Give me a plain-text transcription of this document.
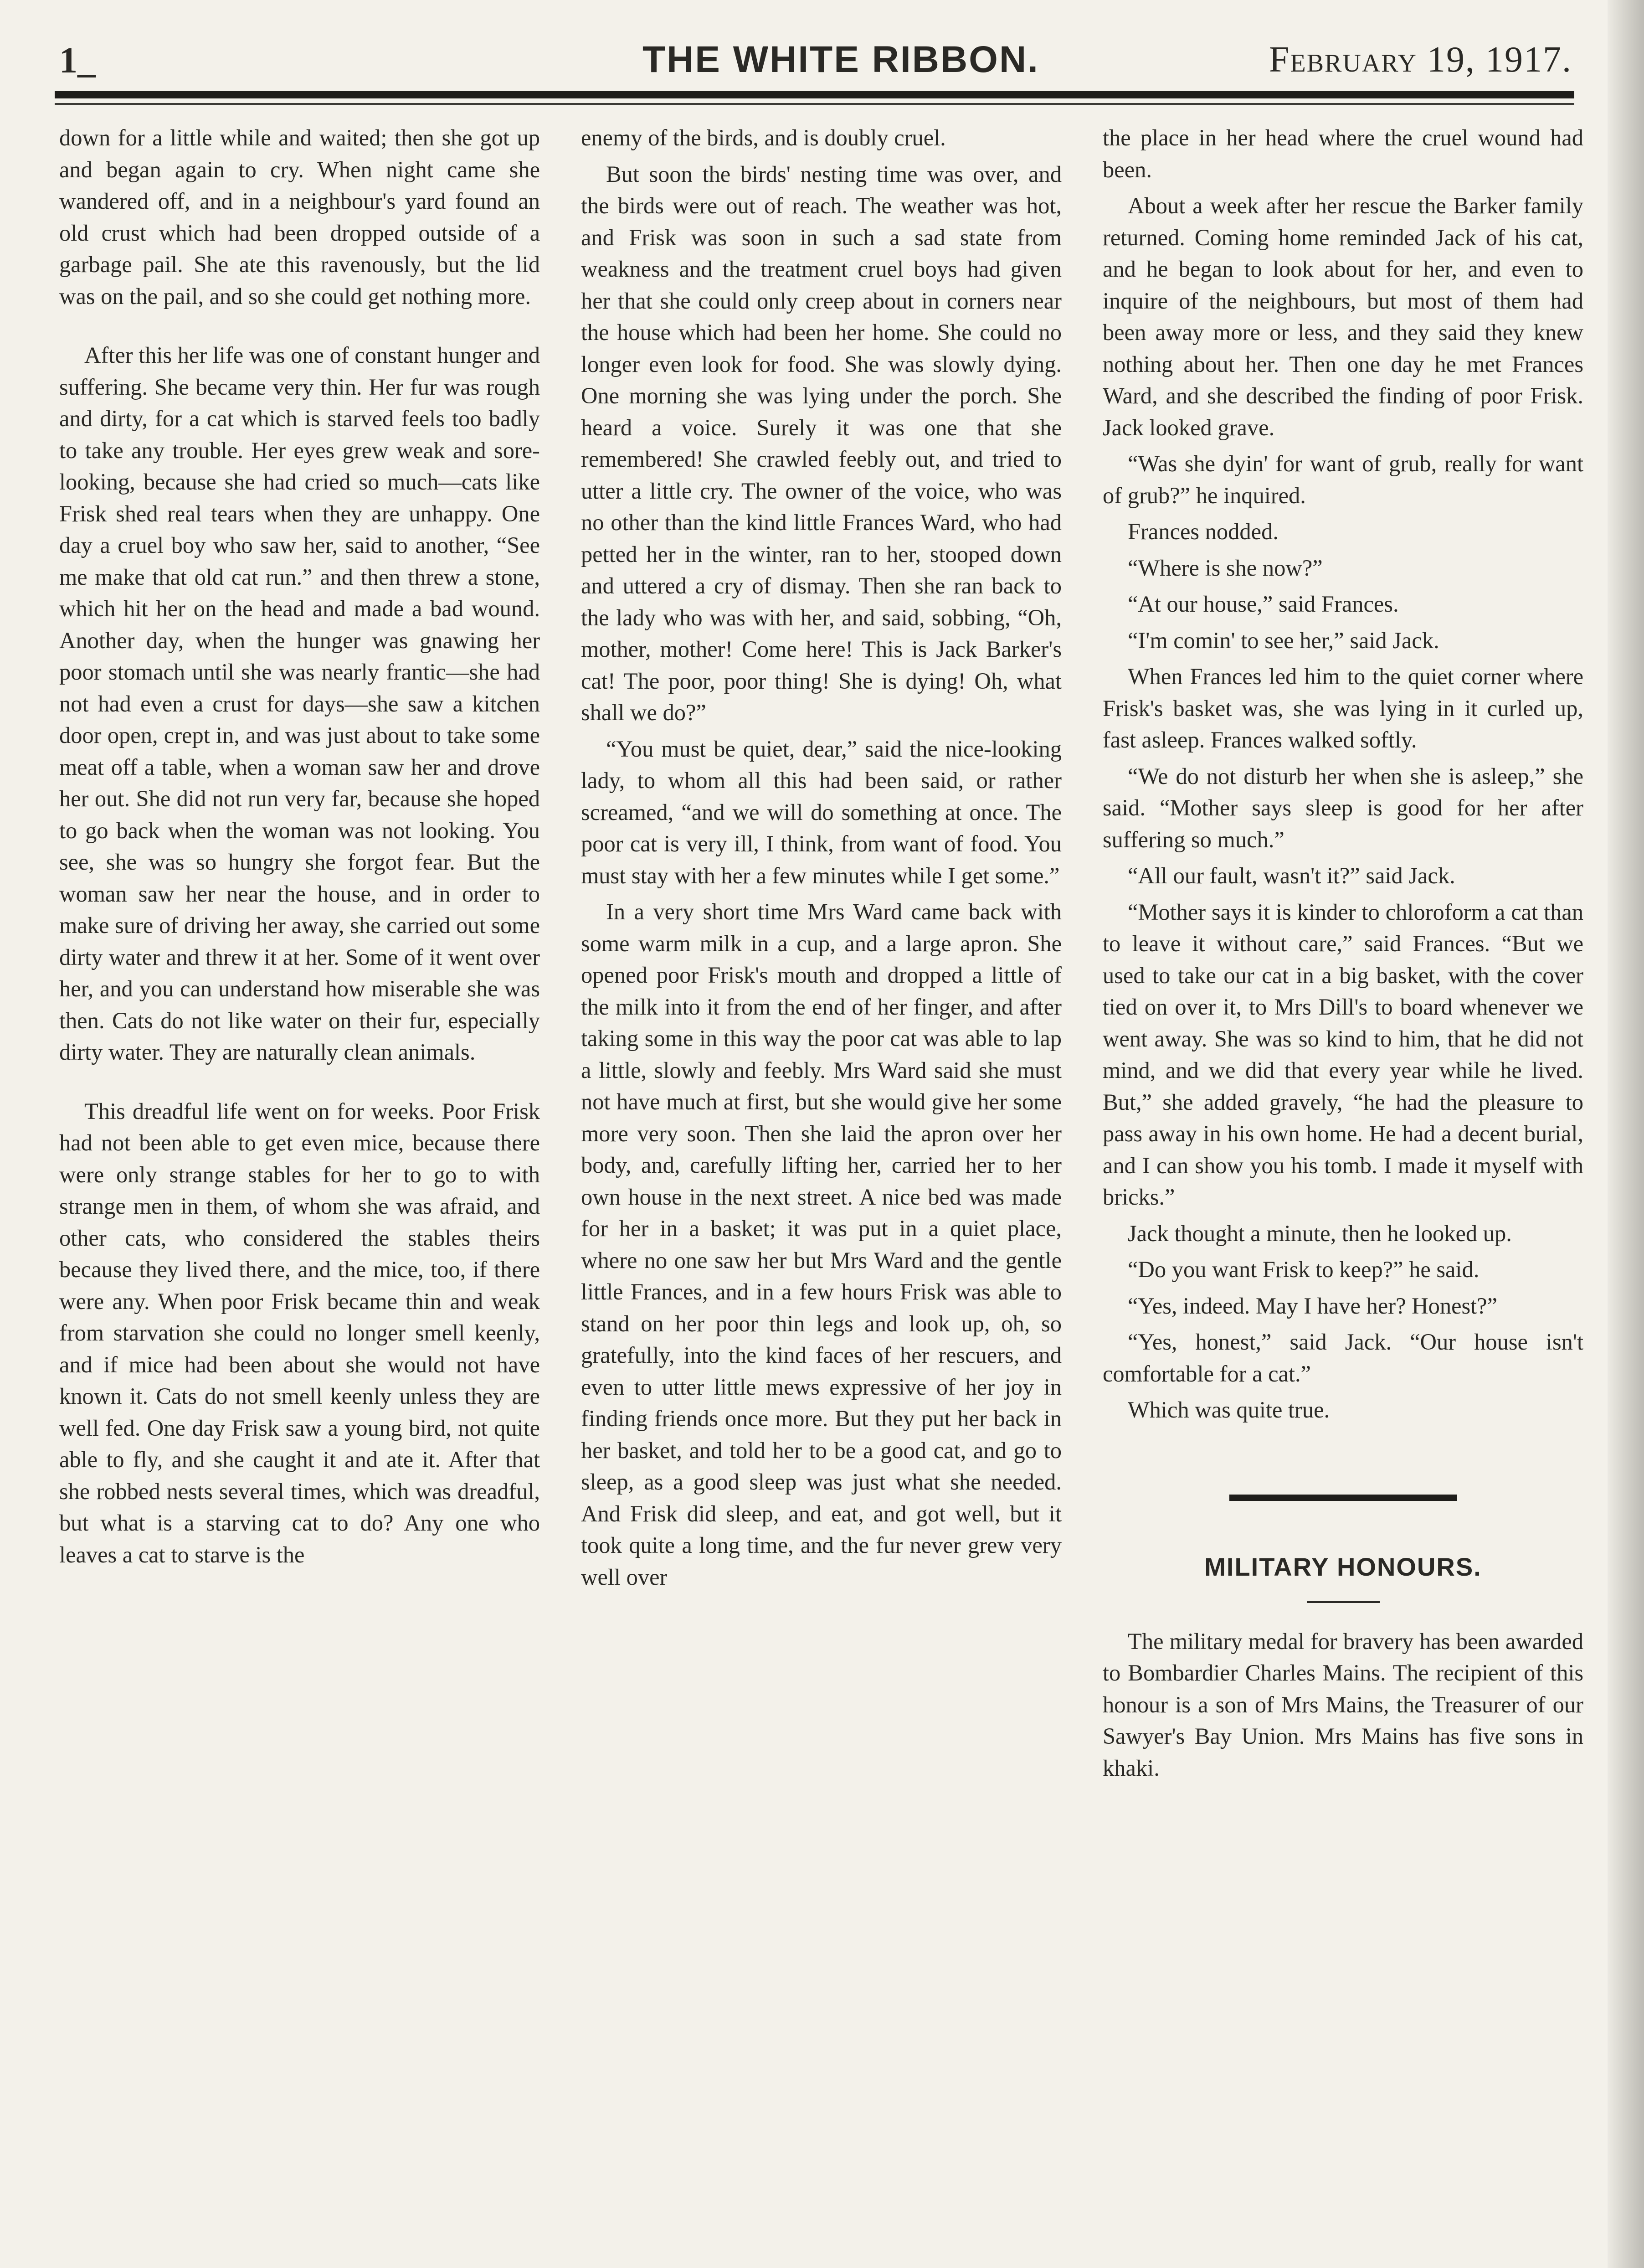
1_	THE WHITE RIBBON.	February 19, 1917.

down for a little while and waited; then she got up and began again to cry. When night came she wandered off, and in a neighbour's yard found an old crust which had been dropped outside of a garbage pail. She ate this ravenously, but the lid was on the pail, and so she could get nothing more.

After this her life was one of constant hunger and suffering. She became very thin. Her fur was rough and dirty, for a cat which is starved feels too badly to take any trouble. Her eyes grew weak and sore-looking, because she had cried so much—cats like Frisk shed real tears when they are unhappy. One day a cruel boy who saw her, said to another, “See me make that old cat run.” and then threw a stone, which hit her on the head and made a bad wound. Another day, when the hunger was gnawing her poor stomach until she was nearly frantic—she had not had even a crust for days—she saw a kitchen door open, crept in, and was just about to take some meat off a table, when a woman saw her and drove her out. She did not run very far, because she hoped to go back when the woman was not looking. You see, she was so hungry she forgot fear. But the woman saw her near the house, and in order to make sure of driving her away, she carried out some dirty water and threw it at her. Some of it went over her, and you can understand how miserable she was then. Cats do not like water on their fur, especially dirty water. They are naturally clean animals.

This dreadful life went on for weeks. Poor Frisk had not been able to get even mice, because there were only strange stables for her to go to with strange men in them, of whom she was afraid, and other cats, who considered the stables theirs because they lived there, and the mice, too, if there were any. When poor Frisk became thin and weak from starvation she could no longer smell keenly, and if mice had been about she would not have known it. Cats do not smell keenly unless they are well fed. One day Frisk saw a young bird, not quite able to fly, and she caught it and ate it. After that she robbed nests several times, which was dreadful, but what is a starving cat to do? Any one who leaves a cat to starve is the

enemy of the birds, and is doubly cruel.

But soon the birds' nesting time was over, and the birds were out of reach. The weather was hot, and Frisk was soon in such a sad state from weakness and the treatment cruel boys had given her that she could only creep about in corners near the house which had been her home. She could no longer even look for food. She was slowly dying. One morning she was lying under the porch. She heard a voice. Surely it was one that she remembered! She crawled feebly out, and tried to utter a little cry. The owner of the voice, who was no other than the kind little Frances Ward, who had petted her in the winter, ran to her, stooped down and uttered a cry of dismay. Then she ran back to the lady who was with her, and said, sobbing, “Oh, mother, mother! Come here! This is Jack Barker's cat! The poor, poor thing! She is dying! Oh, what shall we do?”

“You must be quiet, dear,” said the nice-looking lady, to whom all this had been said, or rather screamed, “and we will do something at once. The poor cat is very ill, I think, from want of food. You must stay with her a few minutes while I get some.”

In a very short time Mrs Ward came back with some warm milk in a cup, and a large apron. She opened poor Frisk's mouth and dropped a little of the milk into it from the end of her finger, and after taking some in this way the poor cat was able to lap a little, slowly and feebly. Mrs Ward said she must not have much at first, but she would give her some more very soon. Then she laid the apron over her body, and, carefully lifting her, carried her to her own house in the next street. A nice bed was made for her in a basket; it was put in a quiet place, where no one saw her but Mrs Ward and the gentle little Frances, and in a few hours Frisk was able to stand on her poor thin legs and look up, oh, so gratefully, into the kind faces of her rescuers, and even to utter little mews expressive of her joy in finding friends once more. But they put her back in her basket, and told her to be a good cat, and go to sleep, as a good sleep was just what she needed. And Frisk did sleep, and eat, and got well, but it took quite a long time, and the fur never grew very well over

the place in her head where the cruel wound had been.

About a week after her rescue the Barker family returned. Coming home reminded Jack of his cat, and he began to look about for her, and even to inquire of the neighbours, but most of them had been away more or less, and they said they knew nothing about her. Then one day he met Frances Ward, and she described the finding of poor Frisk. Jack looked grave.

“Was she dyin' for want of grub, really for want of grub?” he inquired.

Frances nodded.

“Where is she now?”

“At our house,” said Frances.

“I'm comin' to see her,” said Jack.

When Frances led him to the quiet corner where Frisk's basket was, she was lying in it curled up, fast asleep. Frances walked softly.

“We do not disturb her when she is asleep,” she said. “Mother says sleep is good for her after suffering so much.”

“All our fault, wasn't it?” said Jack.

“Mother says it is kinder to chloroform a cat than to leave it without care,” said Frances. “But we used to take our cat in a big basket, with the cover tied on over it, to Mrs Dill's to board whenever we went away. She was so kind to him, that he did not mind, and we did that every year while he lived. But,” she added gravely, “he had the pleasure to pass away in his own home. He had a decent burial, and I can show you his tomb. I made it myself with bricks.”

Jack thought a minute, then he looked up.

“Do you want Frisk to keep?” he said.

“Yes, indeed. May I have her? Honest?”

“Yes, honest,” said Jack. “Our house isn't comfortable for a cat.”

Which was quite true.

MILITARY HONOURS.

The military medal for bravery has been awarded to Bombardier Charles Mains. The recipient of this honour is a son of Mrs Mains, the Treasurer of our Sawyer's Bay Union. Mrs Mains has five sons in khaki.
